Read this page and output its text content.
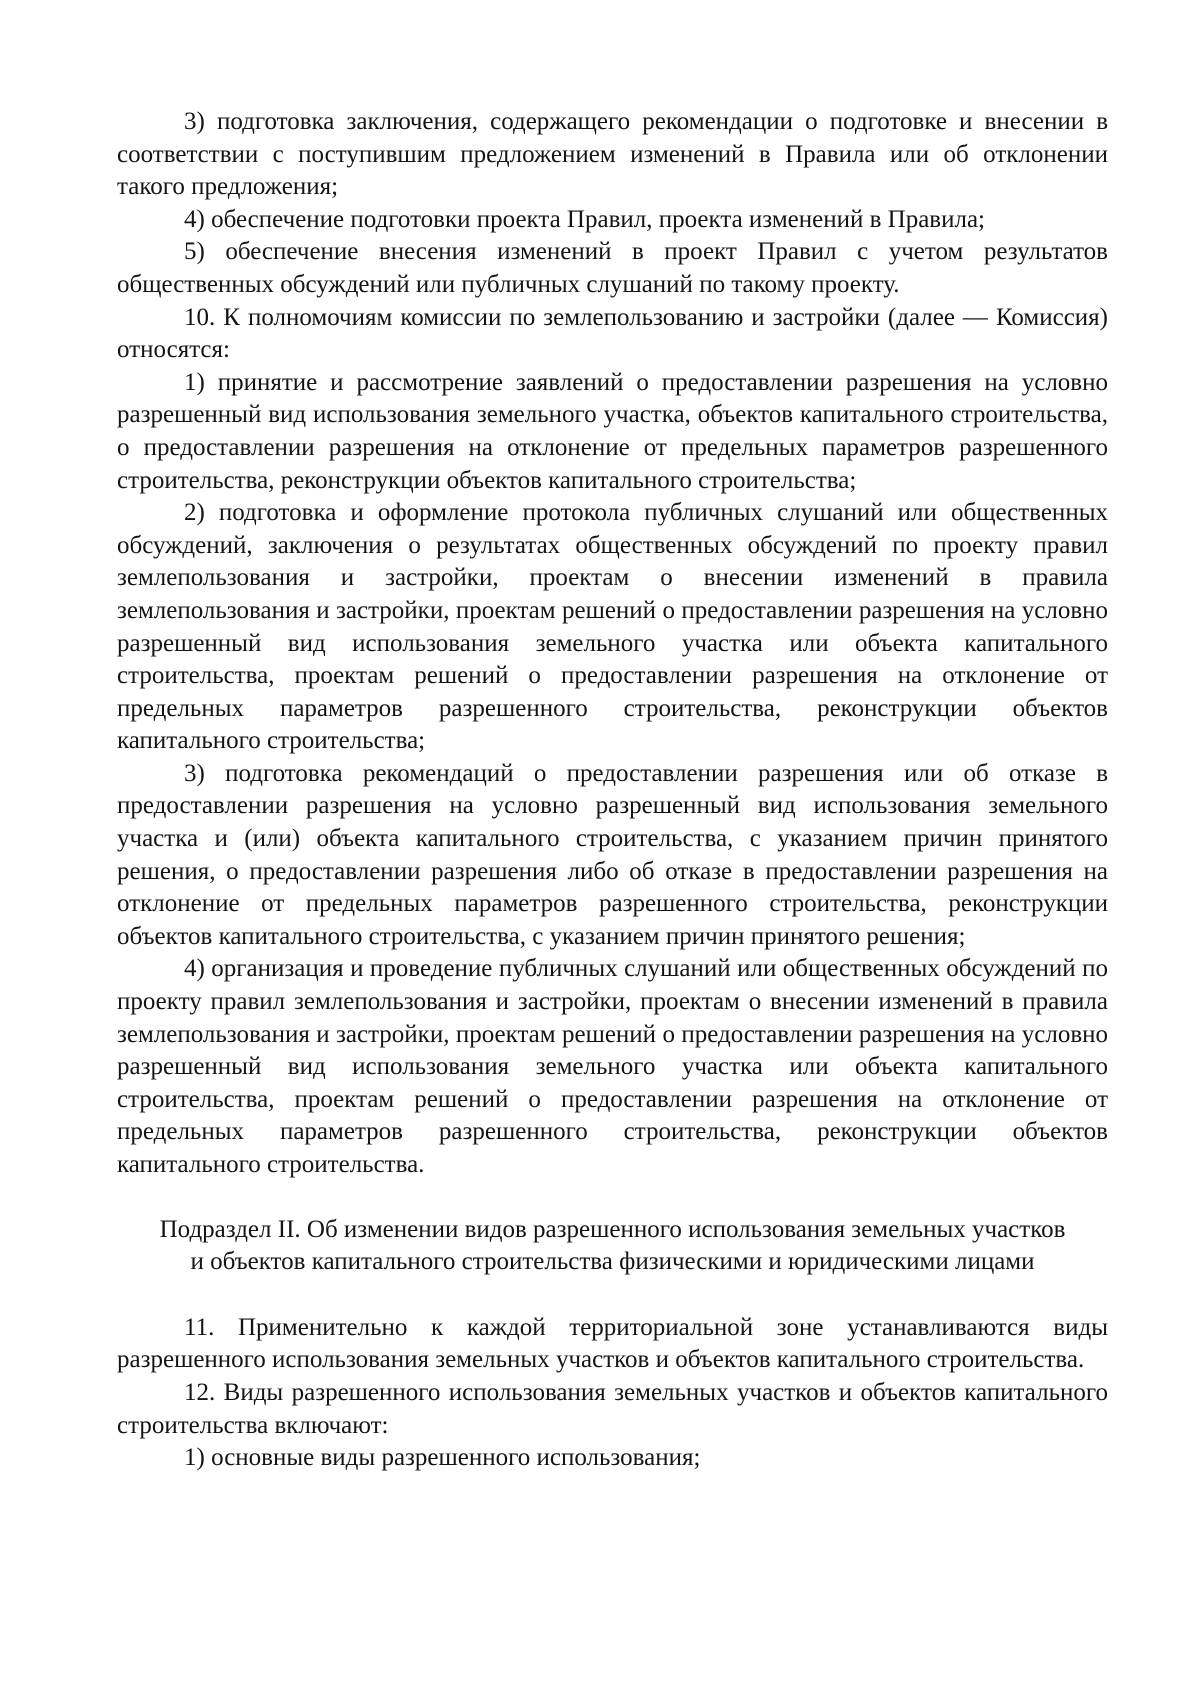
3) подготовка заключения, содержащего рекомендации о подготовке и внесении в соответствии с поступившим предложением изменений в Правила или об отклонении такого предложения;

4) обеспечение подготовки проекта Правил, проекта изменений в Правила;

5) обеспечение внесения изменений в проект Правил с учетом результатов общественных обсуждений или публичных слушаний по такому проекту.

10. К полномочиям комиссии по землепользованию и застройки (далее — Комиссия) относятся:

1) принятие и рассмотрение заявлений о предоставлении разрешения на условно разрешенный вид использования земельного участка, объектов капитального строительства, о предоставлении разрешения на отклонение от предельных параметров разрешенного строительства, реконструкции объектов капитального строительства;

2) подготовка и оформление протокола публичных слушаний или общественных обсуждений, заключения о результатах общественных обсуждений по проекту правил землепользования и застройки, проектам о внесении изменений в правила землепользования и застройки, проектам решений о предоставлении разрешения на условно разрешенный вид использования земельного участка или объекта капитального строительства, проектам решений о предоставлении разрешения на отклонение от предельных параметров разрешенного строительства, реконструкции объектов капитального строительства;

3) подготовка рекомендаций о предоставлении разрешения или об отказе в предоставлении разрешения на условно разрешенный вид использования земельного участка и (или) объекта капитального строительства, с указанием причин принятого решения, о предоставлении разрешения либо об отказе в предоставлении разрешения на отклонение от предельных параметров разрешенного строительства, реконструкции объектов капитального строительства, с указанием причин принятого решения;

4) организация и проведение публичных слушаний или общественных обсуждений по проекту правил землепользования и застройки, проектам о внесении изменений в правила землепользования и застройки, проектам решений о предоставлении разрешения на условно разрешенный вид использования земельного участка или объекта капитального строительства, проектам решений о предоставлении разрешения на отклонение от предельных параметров разрешенного строительства, реконструкции объектов капитального строительства.

Подраздел II. Об изменении видов разрешенного использования земельных участков
и объектов капитального строительства физическими и юридическими лицами

11. Применительно к каждой территориальной зоне устанавливаются виды разрешенного использования земельных участков и объектов капитального строительства.

12. Виды разрешенного использования земельных участков и объектов капитального строительства включают:

1) основные виды разрешенного использования;
